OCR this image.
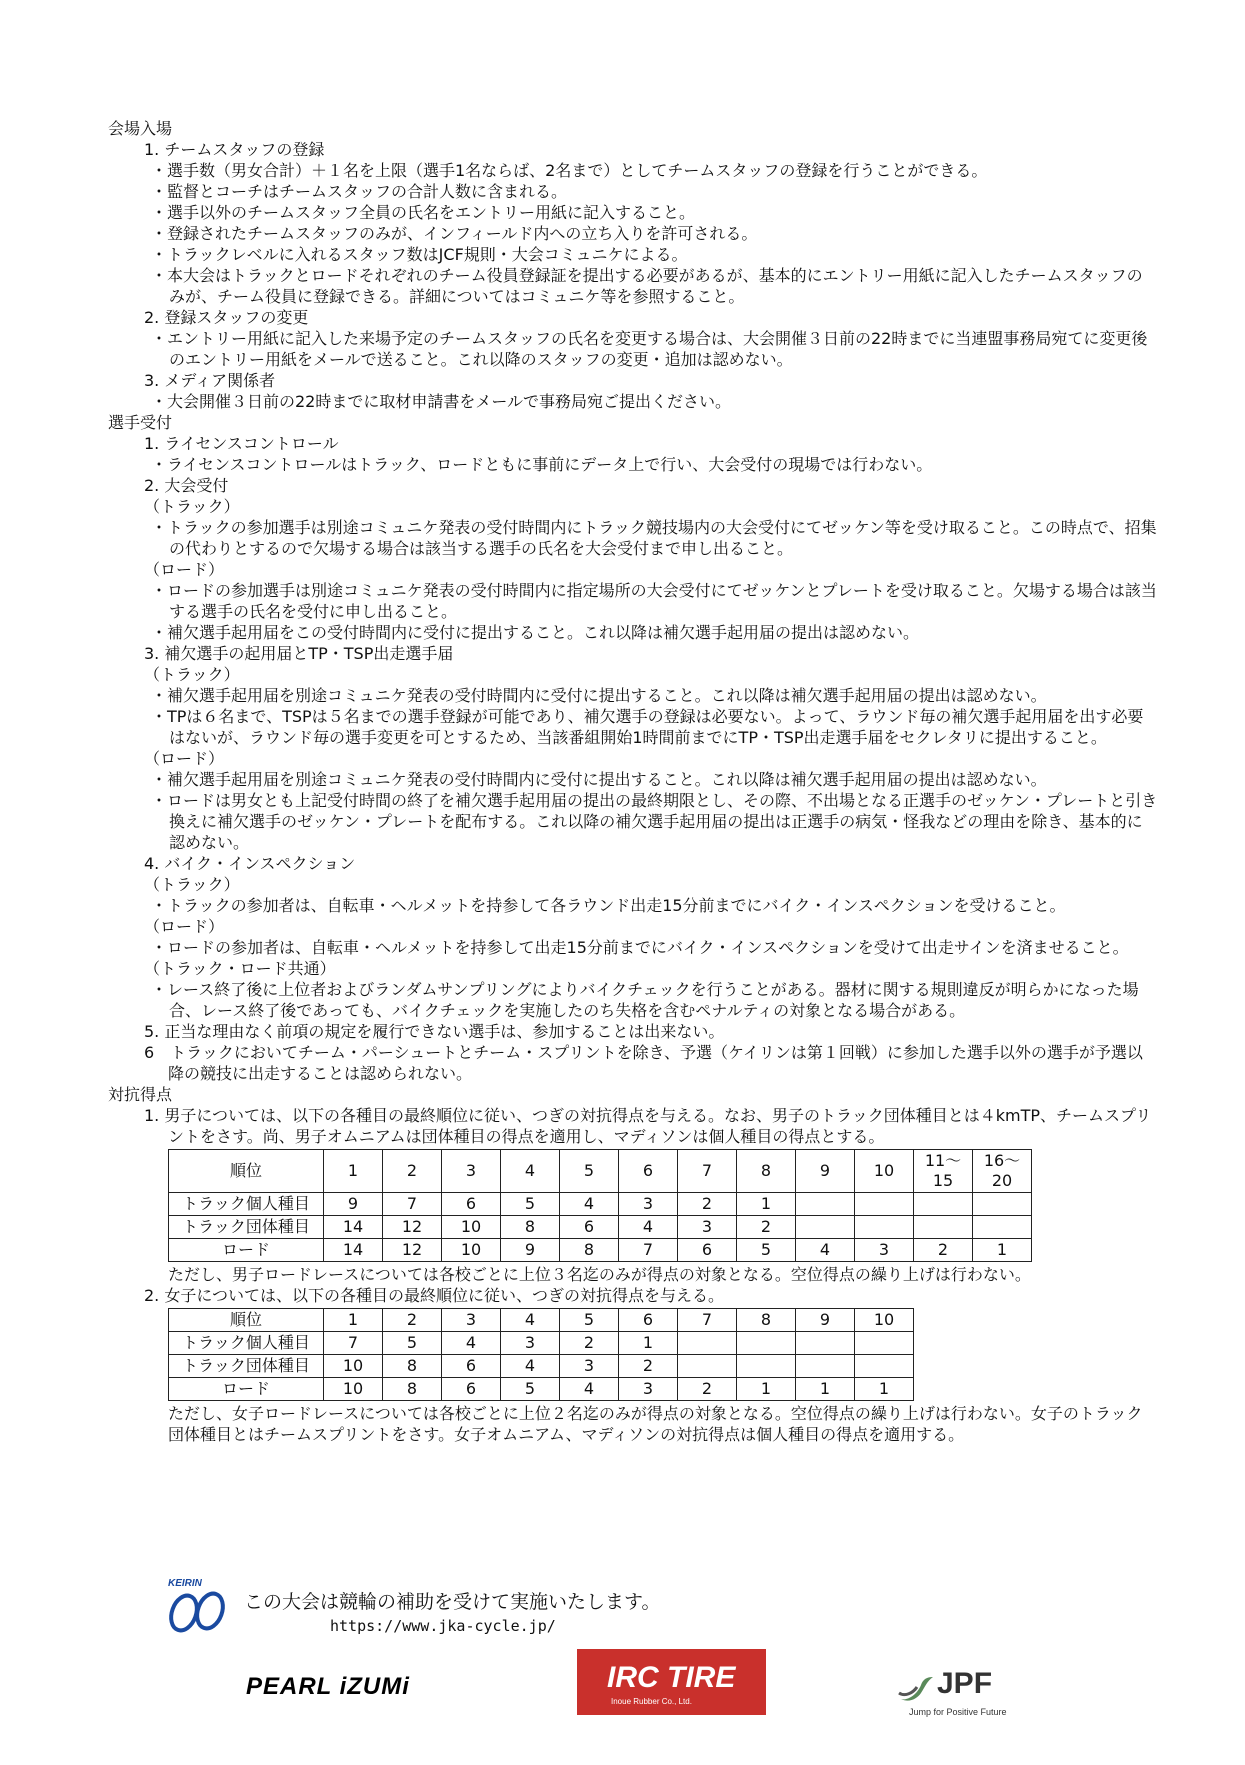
会場入場
1. チームスタッフの登録
・選手数（男女合計）＋１名を上限（選手1名ならば、2名まで）としてチームスタッフの登録を行うことができる。
・監督とコーチはチームスタッフの合計人数に含まれる。
・選手以外のチームスタッフ全員の氏名をエントリー用紙に記入すること。
・登録されたチームスタッフのみが、インフィールド内への立ち入りを許可される。
・トラックレベルに入れるスタッフ数はJCF規則・大会コミュニケによる。
・本大会はトラックとロードそれぞれのチーム役員登録証を提出する必要があるが、基本的にエントリー用紙に記入したチームスタッフのみが、チーム役員に登録できる。詳細についてはコミュニケ等を参照すること。
2. 登録スタッフの変更
・エントリー用紙に記入した来場予定のチームスタッフの氏名を変更する場合は、大会開催３日前の22時までに当連盟事務局宛てに変更後のエントリー用紙をメールで送ること。これ以降のスタッフの変更・追加は認めない。
3. メディア関係者
・大会開催３日前の22時までに取材申請書をメールで事務局宛ご提出ください。
選手受付
1. ライセンスコントロール
・ライセンスコントロールはトラック、ロードともに事前にデータ上で行い、大会受付の現場では行わない。
2. 大会受付
（トラック）
・トラックの参加選手は別途コミュニケ発表の受付時間内にトラック競技場内の大会受付にてゼッケン等を受け取ること。この時点で、招集の代わりとするので欠場する場合は該当する選手の氏名を大会受付まで申し出ること。
（ロード）
・ロードの参加選手は別途コミュニケ発表の受付時間内に指定場所の大会受付にてゼッケンとプレートを受け取ること。欠場する場合は該当する選手の氏名を受付に申し出ること。
・補欠選手起用届をこの受付時間内に受付に提出すること。これ以降は補欠選手起用届の提出は認めない。
3. 補欠選手の起用届とTP・TSP出走選手届
（トラック）
・補欠選手起用届を別途コミュニケ発表の受付時間内に受付に提出すること。これ以降は補欠選手起用届の提出は認めない。
・TPは６名まで、TSPは５名までの選手登録が可能であり、補欠選手の登録は必要ない。よって、ラウンド毎の補欠選手起用届を出す必要はないが、ラウンド毎の選手変更を可とするため、当該番組開始1時間前までにTP・TSP出走選手届をセクレタリに提出すること。
（ロード）
・補欠選手起用届を別途コミュニケ発表の受付時間内に受付に提出すること。これ以降は補欠選手起用届の提出は認めない。
・ロードは男女とも上記受付時間の終了を補欠選手起用届の提出の最終期限とし、その際、不出場となる正選手のゼッケン・プレートと引き換えに補欠選手のゼッケン・プレートを配布する。これ以降の補欠選手起用届の提出は正選手の病気・怪我などの理由を除き、基本的に認めない。
4. バイク・インスペクション
（トラック）
・トラックの参加者は、自転車・ヘルメットを持参して各ラウンド出走15分前までにバイク・インスペクションを受けること。
（ロード）
・ロードの参加者は、自転車・ヘルメットを持参して出走15分前までにバイク・インスペクションを受けて出走サインを済ませること。
（トラック・ロード共通）
・レース終了後に上位者およびランダムサンプリングによりバイクチェックを行うことがある。器材に関する規則違反が明らかになった場合、レース終了後であっても、バイクチェックを実施したのち失格を含むペナルティの対象となる場合がある。
5. 正当な理由なく前項の規定を履行できない選手は、参加することは出来ない。
6　トラックにおいてチーム・パーシュートとチーム・スプリントを除き、予選（ケイリンは第１回戦）に参加した選手以外の選手が予選以降の競技に出走することは認められない。
対抗得点
1. 男子については、以下の各種目の最終順位に従い、つぎの対抗得点を与える。なお、男子のトラック団体種目とは４kmTP、チームスプリントをさす。尚、男子オムニアムは団体種目の得点を適用し、マディソンは個人種目の得点とする。
順位	1	2	3	4	5	6	7	8	9	10	11〜15	16〜20
トラック個人種目	9	7	6	5	4	3	2	1				
トラック団体種目	14	12	10	8	6	4	3	2				
ロード	14	12	10	9	8	7	6	5	4	3	2	1
ただし、男子ロードレースについては各校ごとに上位３名迄のみが得点の対象となる。空位得点の繰り上げは行わない。
2. 女子については、以下の各種目の最終順位に従い、つぎの対抗得点を与える。
順位	1	2	3	4	5	6	7	8	9	10
トラック個人種目	7	5	4	3	2	1				
トラック団体種目	10	8	6	4	3	2				
ロード	10	8	6	5	4	3	2	1	1	1
ただし、女子ロードレースについては各校ごとに上位２名迄のみが得点の対象となる。空位得点の繰り上げは行わない。女子のトラック団体種目とはチームスプリントをさす。女子オムニアム、マディソンの対抗得点は個人種目の得点を適用する。
KEIRIN
この大会は競輪の補助を受けて実施いたします。
https://www.jka-cycle.jp/
PEARL iZUMi	IRC TIRE
Inoue Rubber Co., Ltd.
JPF
Jump for Positive Future
